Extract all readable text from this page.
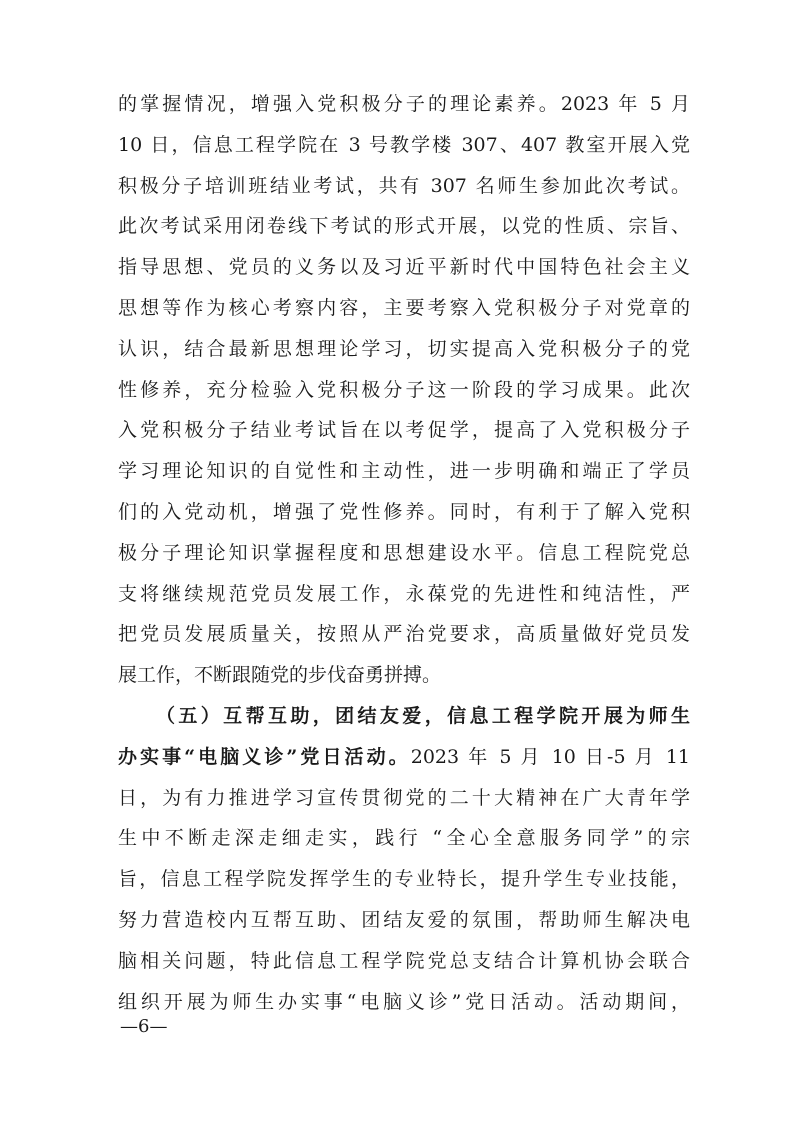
的掌握情况，增强入党积极分子的理论素养。2023 年 5 月
10 日，信息工程学院在 3 号教学楼 307、407 教室开展入党
积极分子培训班结业考试，共有 307 名师生参加此次考试。
此次考试采用闭卷线下考试的形式开展，以党的性质、宗旨、
指导思想、党员的义务以及习近平新时代中国特色社会主义
思想等作为核心考察内容，主要考察入党积极分子对党章的
认识，结合最新思想理论学习，切实提高入党积极分子的党
性修养，充分检验入党积极分子这一阶段的学习成果。此次
入党积极分子结业考试旨在以考促学，提高了入党积极分子
学习理论知识的自觉性和主动性，进一步明确和端正了学员
们的入党动机，增强了党性修养。同时，有利于了解入党积
极分子理论知识掌握程度和思想建设水平。信息工程院党总
支将继续规范党员发展工作，永葆党的先进性和纯洁性，严
把党员发展质量关，按照从严治党要求，高质量做好党员发
展工作，不断跟随党的步伐奋勇拼搏。
（五）互帮互助，团结友爱，信息工程学院开展为师生
办实事“电脑义诊”党日活动。2023 年 5 月 10 日-5 月 11
日，为有力推进学习宣传贯彻党的二十大精神在广大青年学
生中不断走深走细走实，践行 “全心全意服务同学”的宗
旨，信息工程学院发挥学生的专业特长，提升学生专业技能，
努力营造校内互帮互助、团结友爱的氛围，帮助师生解决电
脑相关问题，特此信息工程学院党总支结合计算机协会联合
组织开展为师生办实事“电脑义诊”党日活动。活动期间，
—6—
